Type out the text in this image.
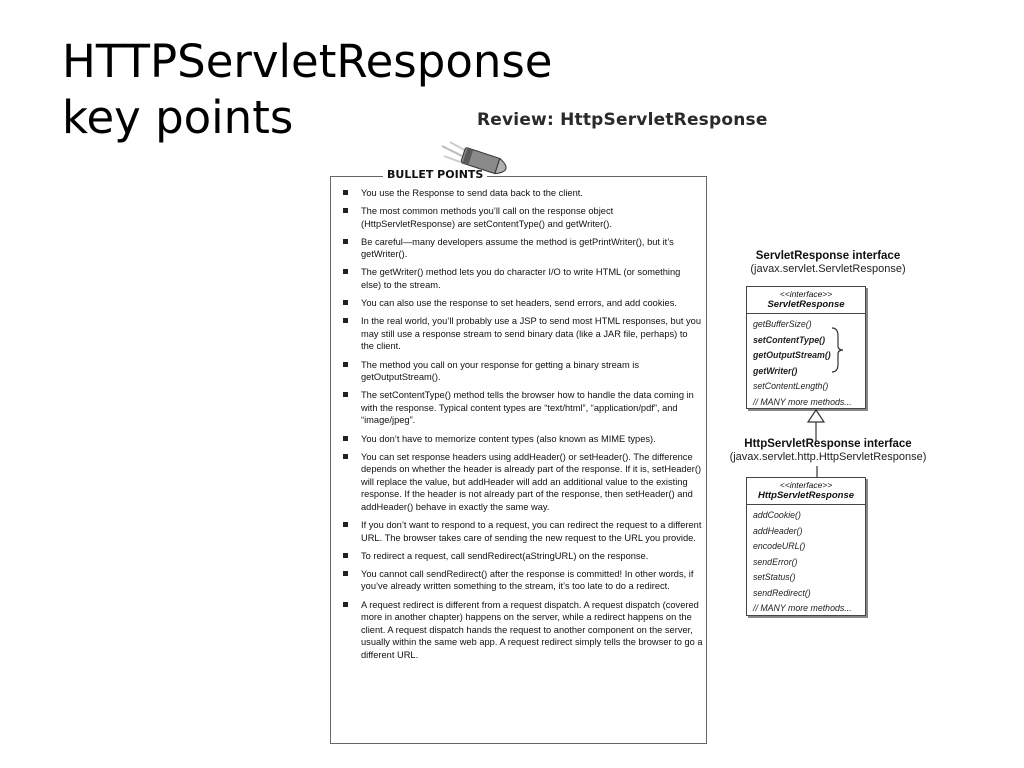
HTTPServletResponse
key points	Review: HttpServletResponse
BULLET POINTS
You use the Response to send data back to the client.
The most common methods you’ll call on the response object (HttpServletResponse) are setContentType() and getWriter().
Be careful—many developers assume the method is getPrintWriter(), but it’s getWriter().
The getWriter() method lets you do character I/O to write HTML (or something else) to the stream.
You can also use the response to set headers, send errors, and add cookies.
In the real world, you’ll probably use a JSP to send most HTML responses, but you may still use a response stream to send binary data (like a JAR file, perhaps) to the client.
The method you call on your response for getting a binary stream is getOutputStream().
The setContentType() method tells the browser how to handle the data coming in with the response. Typical content types are “text/html”, “application/pdf”, and “image/jpeg”.
You don’t have to memorize content types (also known as MIME types).
You can set response headers using addHeader() or setHeader(). The difference depends on whether the header is already part of the response. If it is, setHeader() will replace the value, but addHeader will add an additional value to the existing response. If the header is not already part of the response, then setHeader() and addHeader() behave in exactly the same way.
If you don’t want to respond to a request, you can redirect the request to a different URL. The browser takes care of sending the new request to the URL you provide.
To redirect a request, call sendRedirect(aStringURL) on the response.
You cannot call sendRedirect() after the response is committed! In other words, if you’ve already written something to the stream, it’s too late to do a redirect.
A request redirect is different from a request dispatch. A request dispatch (covered more in another chapter) happens on the server, while a redirect happens on the client. A request dispatch hands the request to another component on the server, usually within the same web app. A request redirect simply tells the browser to go a different URL.
ServletResponse interface
(javax.servlet.ServletResponse)
<<interface>>
ServletResponse
getBufferSize()
setContentType()
getOutputStream()
getWriter()
setContentLength()
// MANY more methods...
HttpServletResponse interface
(javax.servlet.http.HttpServletResponse)
<<interface>>
HttpServletResponse
addCookie()
addHeader()
encodeURL()
sendError()
setStatus()
sendRedirect()
// MANY more methods...
